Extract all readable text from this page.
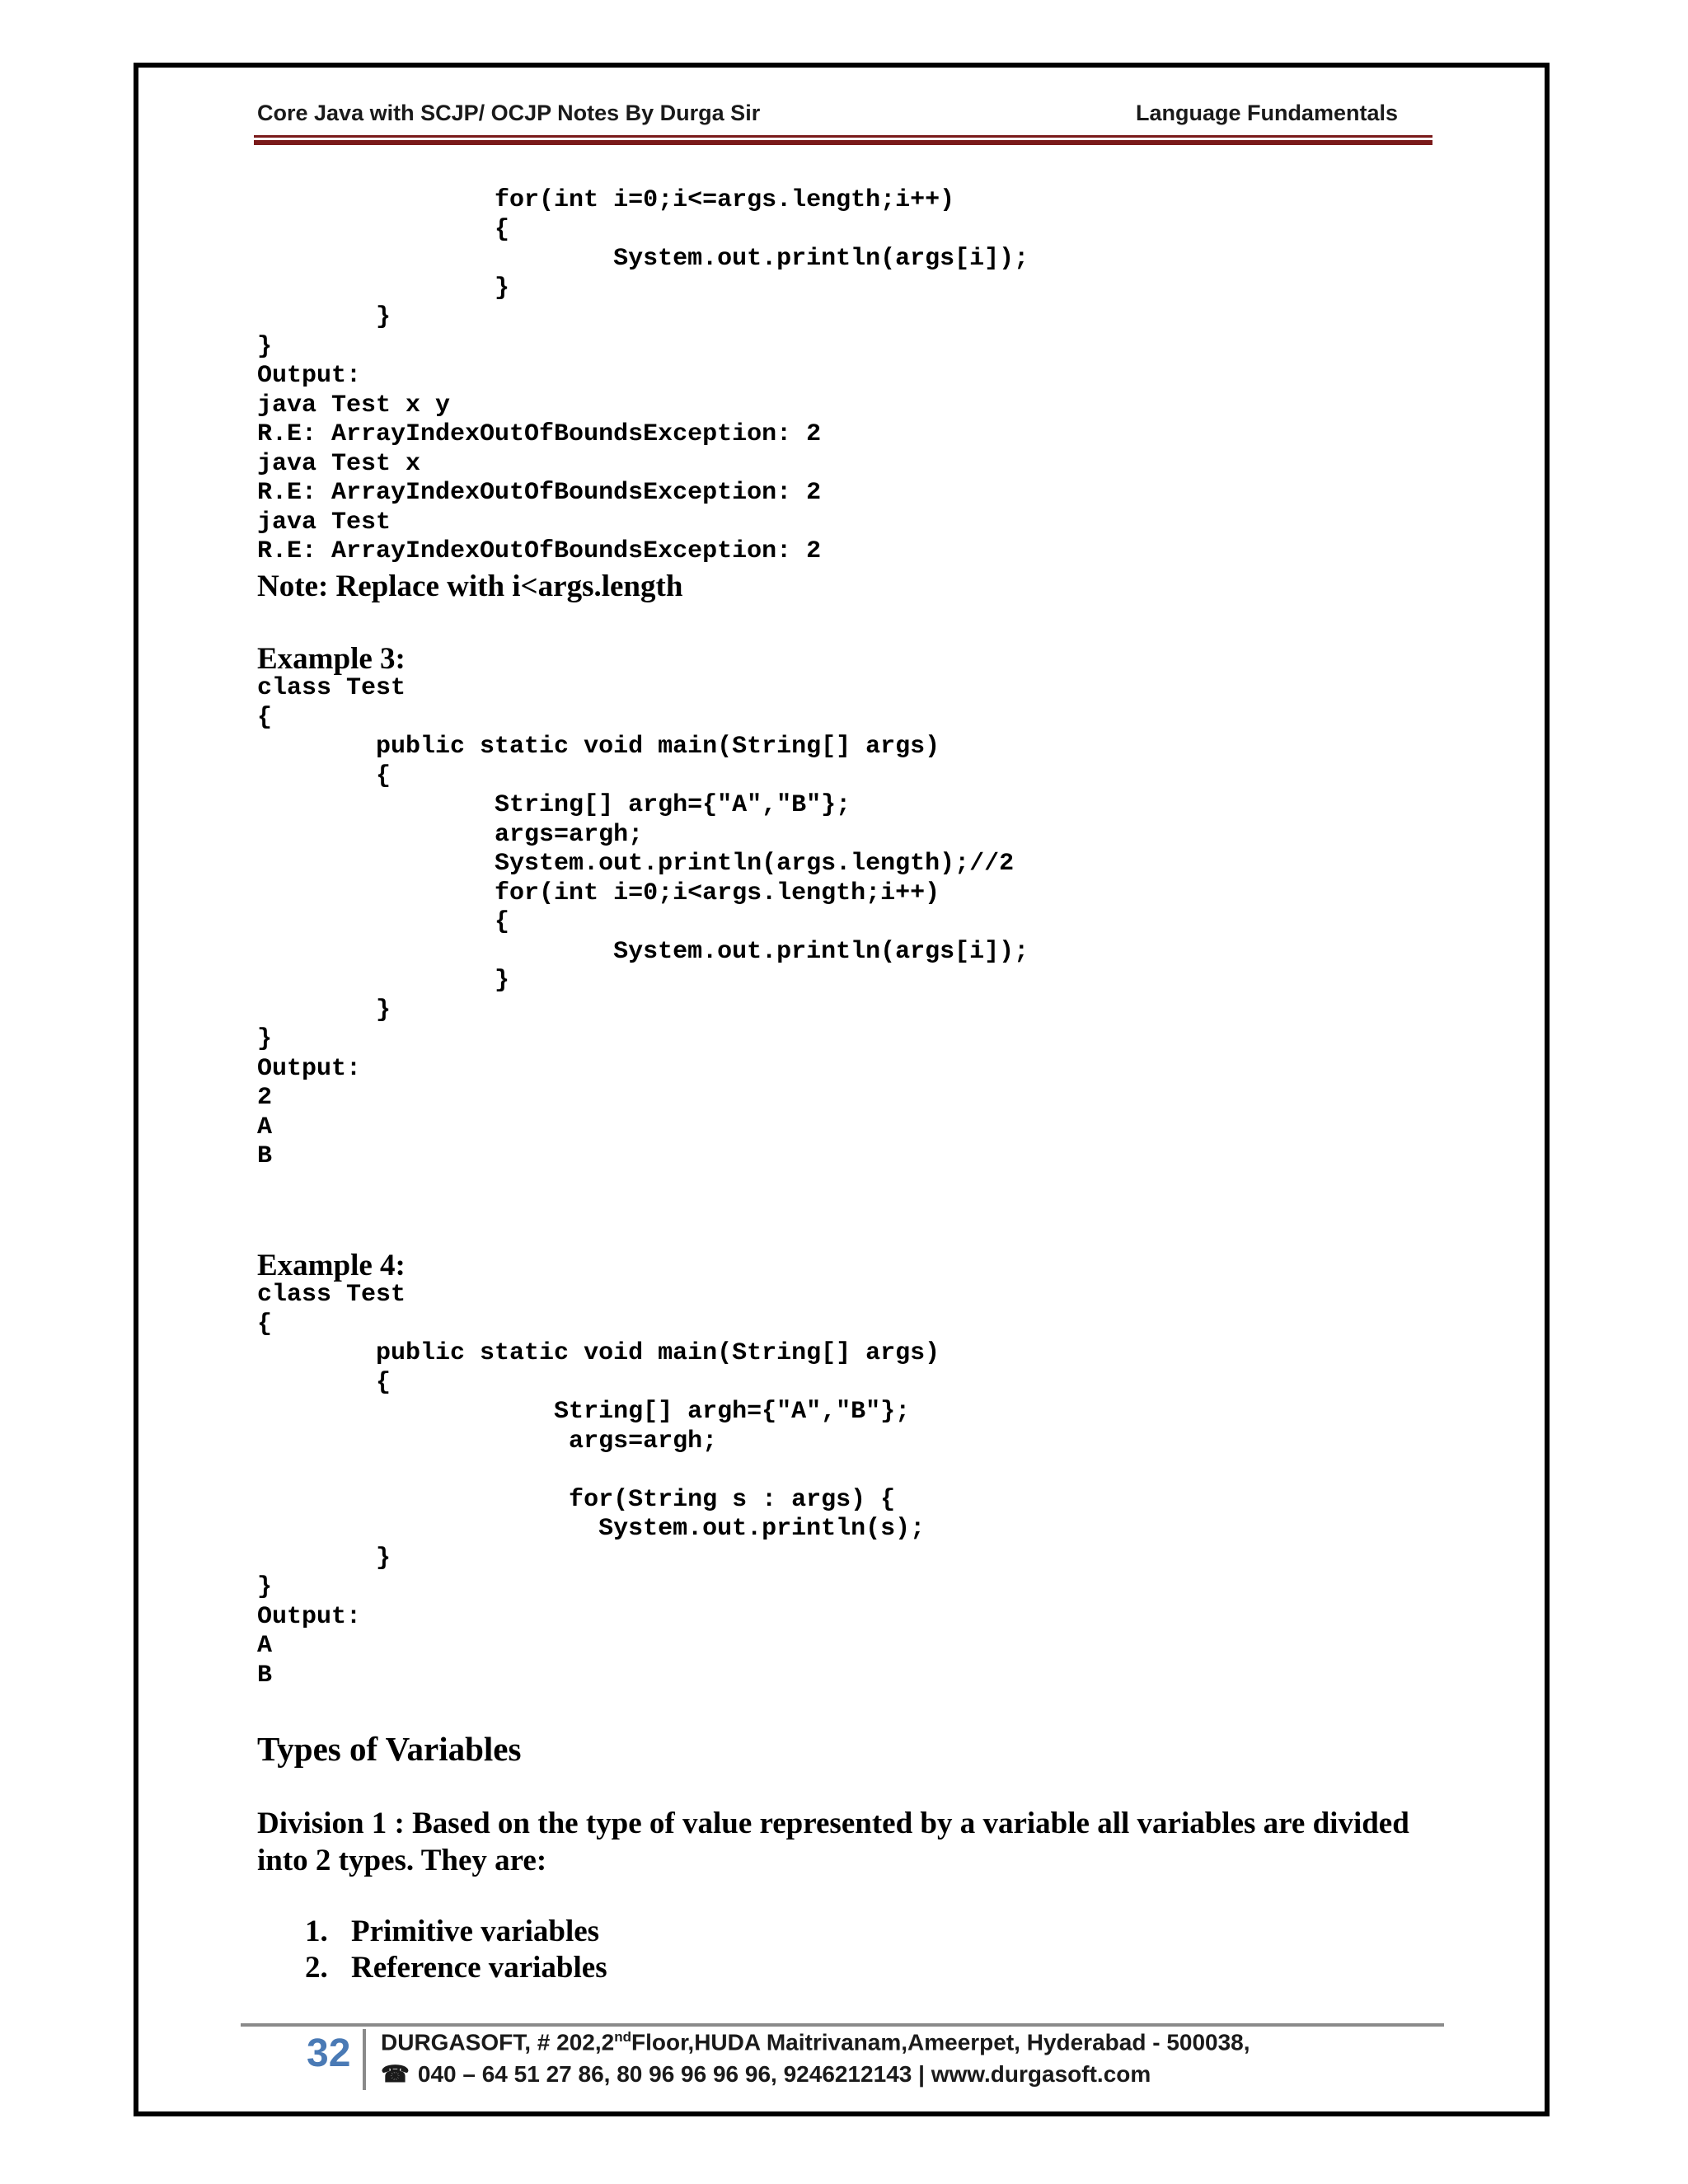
Core Java with SCJP/ OCJP Notes By Durga Sir	Language Fundamentals
for(int i=0;i<=args.length;i++)
{
System.out.println(args[i]);
}
}
}
Output:
java Test x y
R.E: ArrayIndexOutOfBoundsException: 2
java Test x
R.E: ArrayIndexOutOfBoundsException: 2
java Test
R.E: ArrayIndexOutOfBoundsException: 2
Note: Replace with i<args.length
Example 3:
class Test
{
public static void main(String[] args)
{
String[] argh={"A","B"};
args=argh;
System.out.println(args.length);//2
for(int i=0;i<args.length;i++)
{
System.out.println(args[i]);
}
}
}
Output:
2
A
B
Example 4:
class Test
{
public static void main(String[] args)
{
String[] argh={"A","B"};
args=argh;

for(String s : args) {
System.out.println(s);
}
}
Output:
A
B
Types of Variables

Division 1 : Based on the type of value represented by a variable all variables are divided into 2 types. They are:

1. Primitive variables
2. Reference variables
32 DURGASOFT, # 202,2ndFloor,HUDA Maitrivanam,Ameerpet, Hyderabad - 500038,
☎ 040 – 64 51 27 86, 80 96 96 96 96, 9246212143 | www.durgasoft.com
